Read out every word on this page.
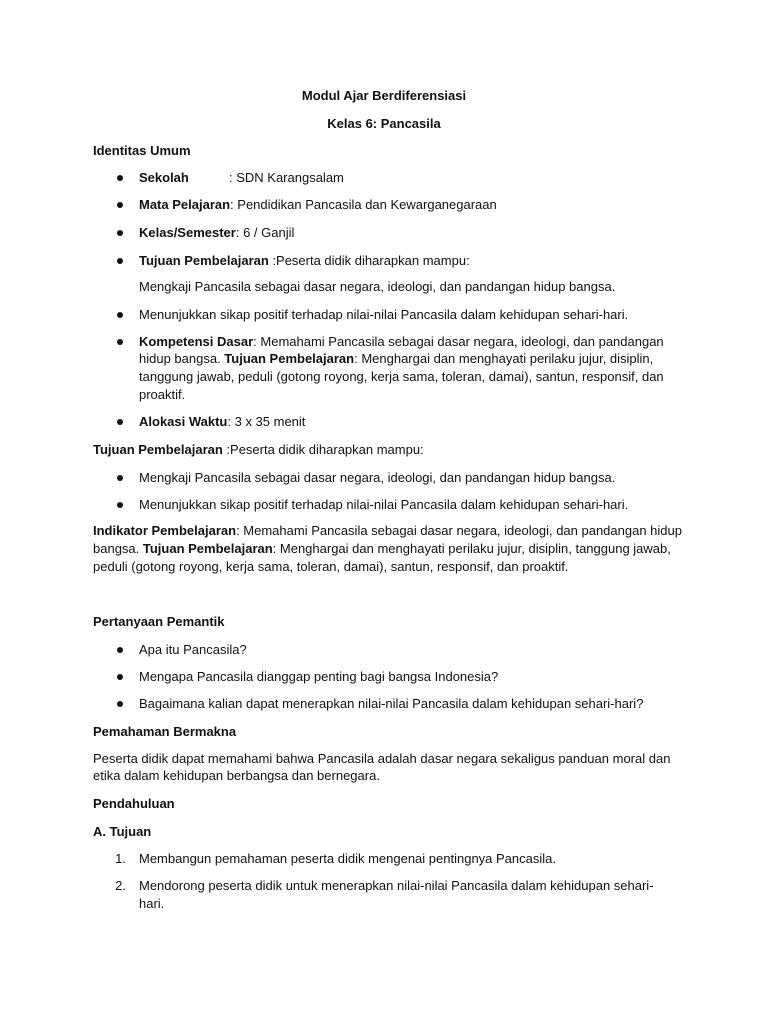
Modul Ajar Berdiferensiasi
Kelas 6: Pancasila
Identitas Umum
Sekolah	: SDN Karangsalam
Mata Pelajaran: Pendidikan Pancasila dan Kewarganegaraan
Kelas/Semester: 6 / Ganjil
Tujuan Pembelajaran :Peserta didik diharapkan mampu:
Mengkaji Pancasila sebagai dasar negara, ideologi, dan pandangan hidup bangsa.
Menunjukkan sikap positif terhadap nilai-nilai Pancasila dalam kehidupan sehari-hari.
Kompetensi Dasar: Memahami Pancasila sebagai dasar negara, ideologi, dan pandangan
hidup bangsa. Tujuan Pembelajaran: Menghargai dan menghayati perilaku jujur, disiplin,
tanggung jawab, peduli (gotong royong, kerja sama, toleran, damai), santun, responsif, dan
proaktif.
Alokasi Waktu: 3 x 35 menit
Tujuan Pembelajaran :Peserta didik diharapkan mampu:
Mengkaji Pancasila sebagai dasar negara, ideologi, dan pandangan hidup bangsa.
Menunjukkan sikap positif terhadap nilai-nilai Pancasila dalam kehidupan sehari-hari.
Indikator Pembelajaran: Memahami Pancasila sebagai dasar negara, ideologi, dan pandangan hidup
bangsa. Tujuan Pembelajaran: Menghargai dan menghayati perilaku jujur, disiplin, tanggung jawab,
peduli (gotong royong, kerja sama, toleran, damai), santun, responsif, dan proaktif.
Pertanyaan Pemantik
Apa itu Pancasila?
Mengapa Pancasila dianggap penting bagi bangsa Indonesia?
Bagaimana kalian dapat menerapkan nilai-nilai Pancasila dalam kehidupan sehari-hari?
Pemahaman Bermakna
Peserta didik dapat memahami bahwa Pancasila adalah dasar negara sekaligus panduan moral dan
etika dalam kehidupan berbangsa dan bernegara.
Pendahuluan
A. Tujuan
1. Membangun pemahaman peserta didik mengenai pentingnya Pancasila.
2. Mendorong peserta didik untuk menerapkan nilai-nilai Pancasila dalam kehidupan sehari-
hari.
